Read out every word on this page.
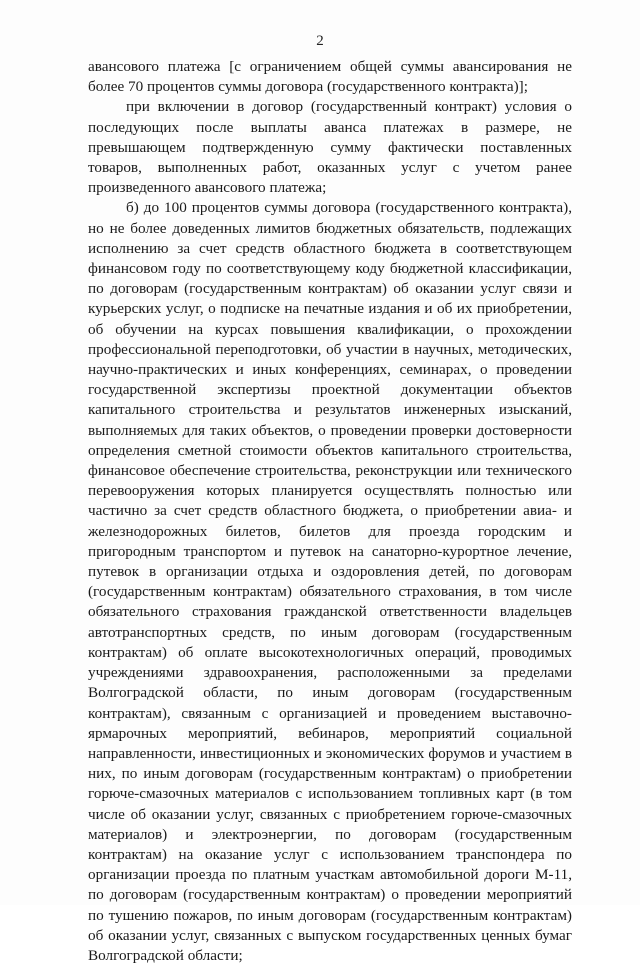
2

авансового платежа [с ограничением общей суммы авансирования не более 70 процентов суммы договора (государственного контракта)];

при включении в договор (государственный контракт) условия о последующих после выплаты аванса платежах в размере, не превышающем подтвержденную сумму фактически поставленных товаров, выполненных работ, оказанных услуг с учетом ранее произведенного авансового платежа;

б) до 100 процентов суммы договора (государственного контракта), но не более доведенных лимитов бюджетных обязательств, подлежащих исполнению за счет средств областного бюджета в соответствующем финансовом году по соответствующему коду бюджетной классификации, по договорам (государственным контрактам) об оказании услуг связи и курьерских услуг, о подписке на печатные издания и об их приобретении, об обучении на курсах повышения квалификации, о прохождении профессиональной переподготовки, об участии в научных, методических, научно-практических и иных конференциях, семинарах, о проведении государственной экспертизы проектной документации объектов капитального строительства и результатов инженерных изысканий, выполняемых для таких объектов, о проведении проверки достоверности определения сметной стоимости объектов капитального строительства, финансовое обеспечение строительства, реконструкции или технического перевооружения которых планируется осуществлять полностью или частично за счет средств областного бюджета, о приобретении авиа- и железнодорожных билетов, билетов для проезда городским и пригородным транспортом и путевок на санаторно-курортное лечение, путевок в организации отдыха и оздоровления детей, по договорам (государственным контрактам) обязательного страхования, в том числе обязательного страхования гражданской ответственности владельцев автотранспортных средств, по иным договорам (государственным контрактам) об оплате высокотехнологичных операций, проводимых учреждениями здравоохранения, расположенными за пределами Волгоградской области, по иным договорам (государственным контрактам), связанным с организацией и проведением выставочно-ярмарочных мероприятий, вебинаров, мероприятий социальной направленности, инвестиционных и экономических форумов и участием в них, по иным договорам (государственным контрактам) о приобретении горюче-смазочных материалов с использованием топливных карт (в том числе об оказании услуг, связанных с приобретением горюче-смазочных материалов) и электроэнергии, по договорам (государственным контрактам) на оказание услуг с использованием транспондера по организации проезда по платным участкам автомобильной дороги М-11, по договорам (государственным контрактам) о проведении мероприятий по тушению пожаров, по иным договорам (государственным контрактам) об оказании услуг, связанных с выпуском государственных ценных бумаг Волгоградской области;
